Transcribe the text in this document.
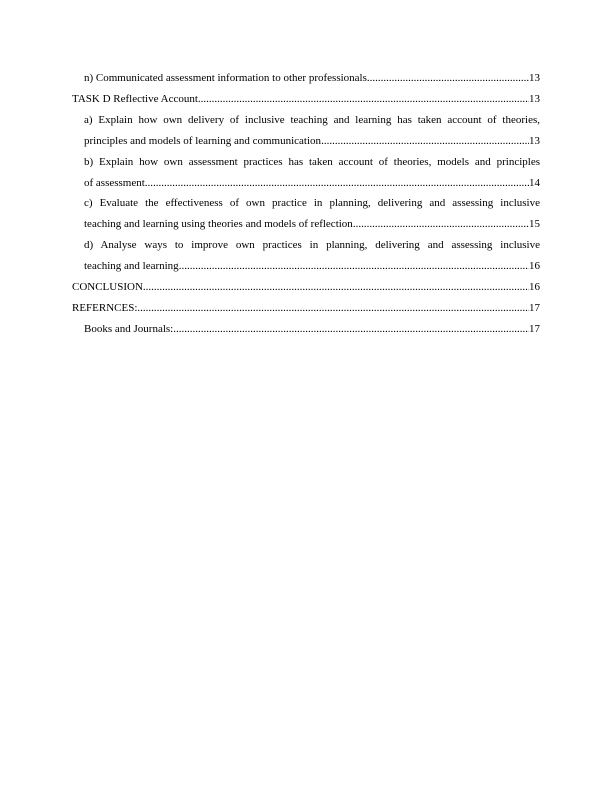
n) Communicated assessment information to other professionals .....	13
TASK D Reflective Account .....	13
a) Explain how own delivery of inclusive teaching and learning has taken account of theories,
principles and models of learning and communication .....	13
b) Explain how own assessment practices has taken account of theories, models and principles
of assessment .....	14
c) Evaluate the effectiveness of own practice in planning, delivering and assessing inclusive
teaching and learning using theories and models of reflection .....	15
d) Analyse ways to improve own practices in planning, delivering and assessing inclusive
teaching and learning .....	16
CONCLUSION .....	16
REFERNCES: .....	17
Books and Journals: .....	17
